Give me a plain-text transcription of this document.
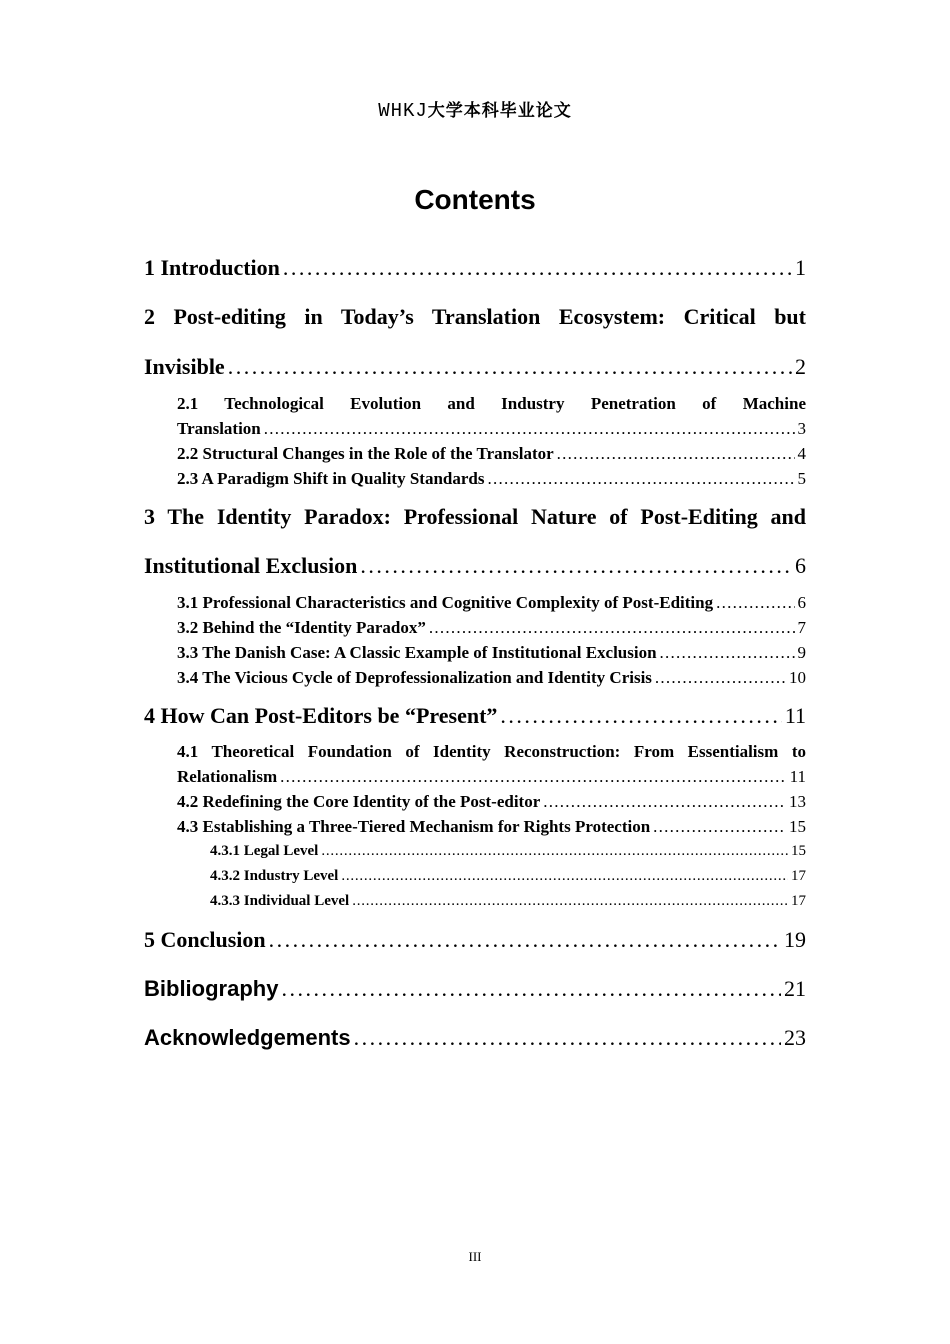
WHKJ大学本科毕业论文
Contents
1 Introduction . . .	1
2 Post-editing in Today’s Translation Ecosystem: Critical but
Invisible . . .	2
2.1 Technological Evolution and Industry Penetration of Machine
Translation . . .	3
2.2 Structural Changes in the Role of the Translator . . .	4
2.3 A Paradigm Shift in Quality Standards . . .	5
3 The Identity Paradox: Professional Nature of Post-Editing and
Institutional Exclusion . . .	6
3.1 Professional Characteristics and Cognitive Complexity of Post-Editing . . .	6
3.2 Behind the “Identity Paradox” . . .	7
3.3 The Danish Case: A Classic Example of Institutional Exclusion . . .	9
3.4 The Vicious Cycle of Deprofessionalization and Identity Crisis . . .	10
4 How Can Post-Editors be “Present” . . .	11
4.1 Theoretical Foundation of Identity Reconstruction: From Essentialism to
Relationalism . . .	11
4.2 Redefining the Core Identity of the Post-editor . . .	13
4.3 Establishing a Three-Tiered Mechanism for Rights Protection . . .	15
4.3.1 Legal Level . . .	15
4.3.2 Industry Level . . .	17
4.3.3 Individual Level . . .	17
5 Conclusion . . .	19
Bibliography . . .	21
Acknowledgements . . .	23
III
